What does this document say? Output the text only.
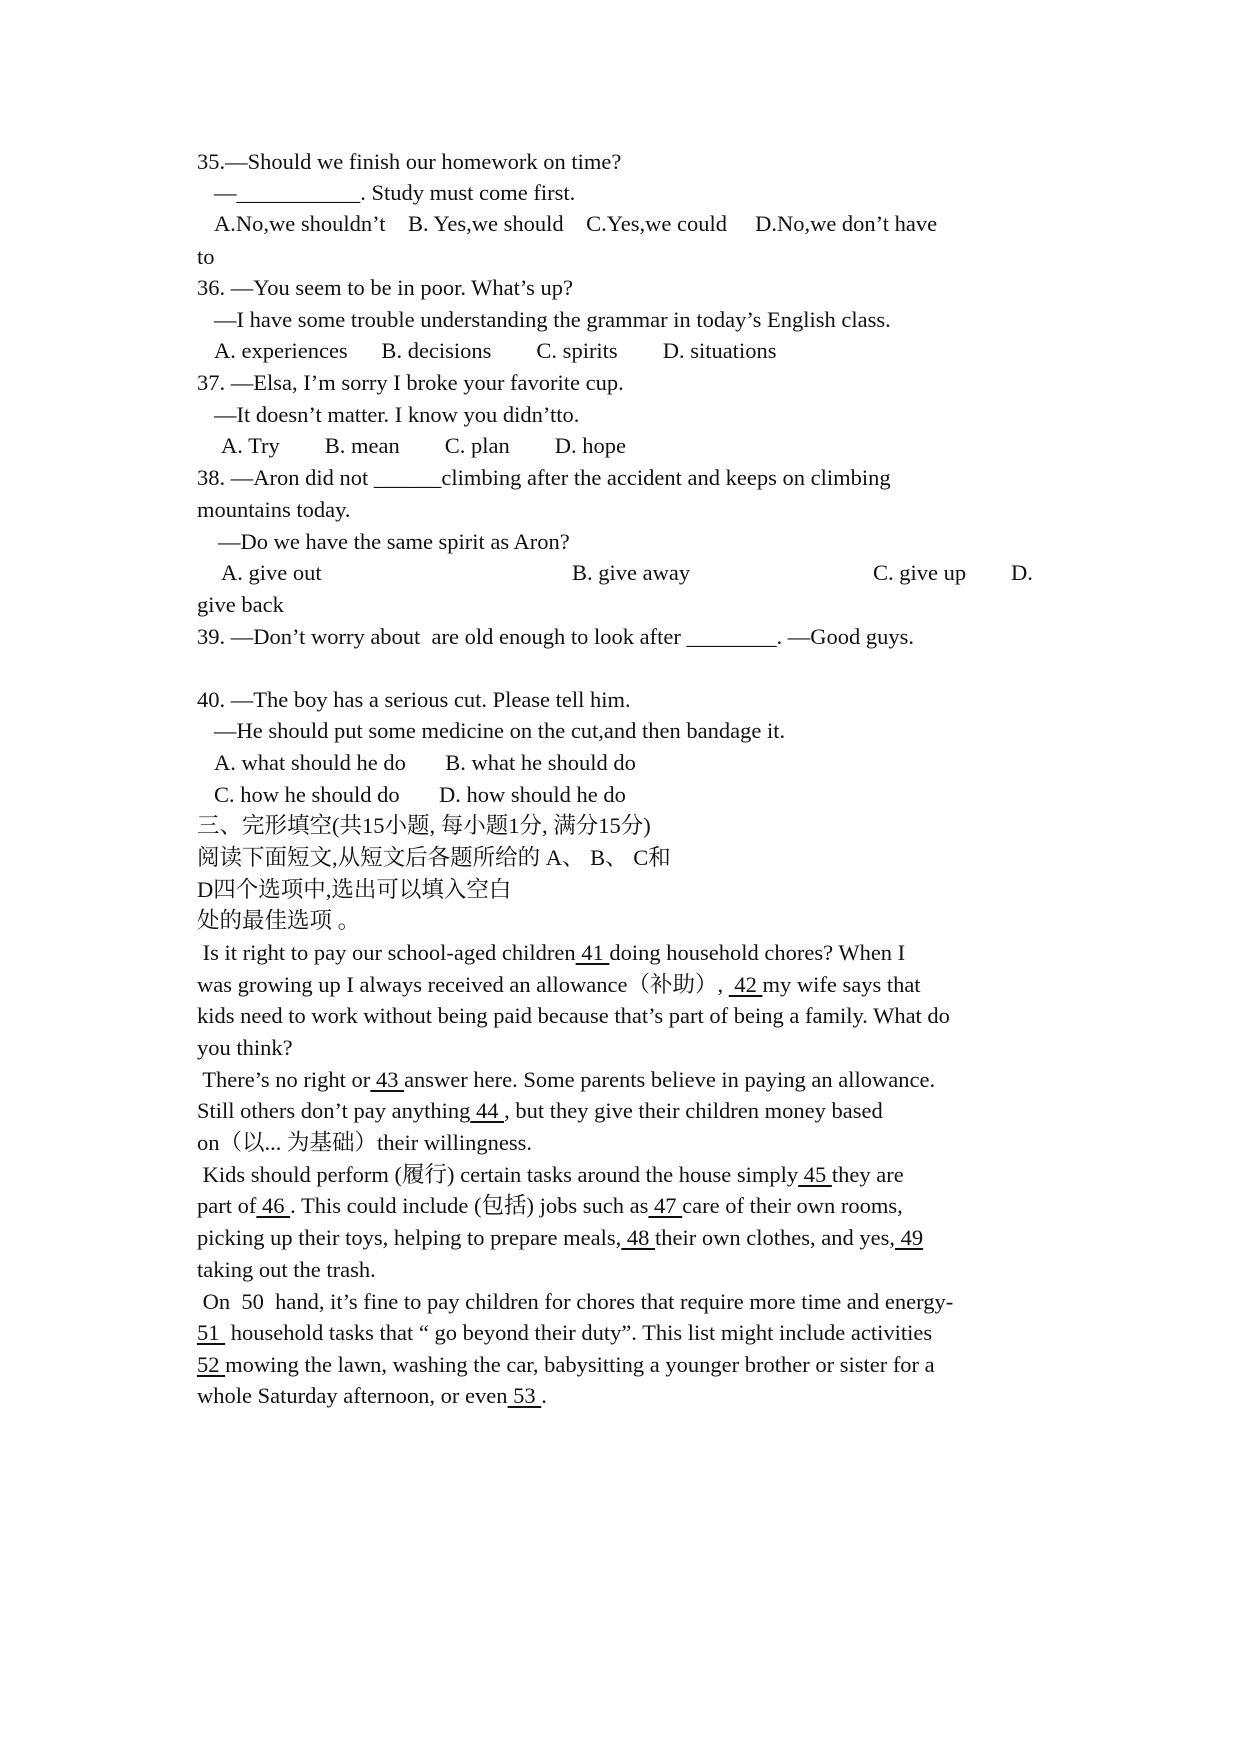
35.—Should we finish our homework on time?
—___________. Study must come first.
A.No,we shouldn’t    B. Yes,we should    C.Yes,we could     D.No,we don’t have
to
36. —You seem to be in poor. What’s up?
—I have some trouble understanding the grammar in today’s English class.
A. experiences      B. decisions        C. spirits        D. situations
37. —Elsa, I’m sorry I broke your favorite cup.
—It doesn’t matter. I know you didn’tto.
A. Try        B. mean        C. plan        D. hope
38. —Aron did not ______climbing after the accident and keeps on climbing
mountains today.
—Do we have the same spirit as Aron?
A. give out	B. give away	C. give up D.
give back
39. —Don’t worry about  are old enough to look after ________. —Good guys.
40. —The boy has a serious cut. Please tell him.
—He should put some medicine on the cut,and then bandage it.
A. what should he do       B. what he should do
C. how he should do       D. how should he do
三、完形填空(共15小题, 每小题1分, 满分15分)
阅读下面短文,从短文后各题所给的 A、 B、 C和
D四个选项中,选出可以填入空白
处的最佳选项 。
Is it right to pay our school-aged children 41 doing household chores? When I
was growing up I always received an allowance（补助）,  42 my wife says that
kids need to work without being paid because that’s part of being a family. What do
you think?
There’s no right or 43 answer here. Some parents believe in paying an allowance.
Still others don’t pay anything 44 , but they give their children money based
on（以... 为基础）their willingness.
Kids should perform (履行) certain tasks around the house simply 45 they are
part of 46 . This could include (包括) jobs such as 47 care of their own rooms,
picking up their toys, helping to prepare meals, 48 their own clothes, and yes, 49
taking out the trash.
On  50  hand, it’s fine to pay children for chores that require more time and energy-
51  household tasks that “ go beyond their duty”. This list might include activities
52 mowing the lawn, washing the car, babysitting a younger brother or sister for a
whole Saturday afternoon, or even 53 .
